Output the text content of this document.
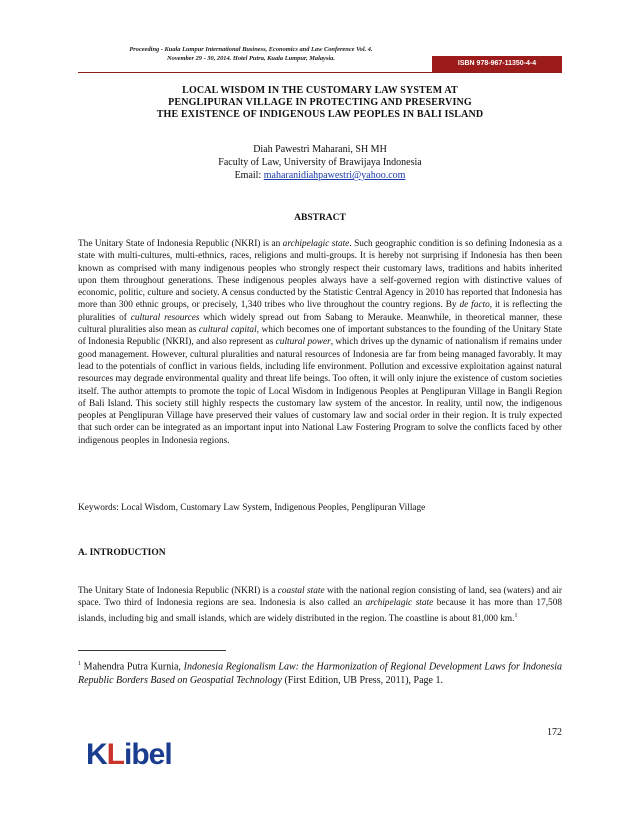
Proceeding - Kuala Lumpur International Business, Economics and Law Conference Vol. 4.
November 29 - 30, 2014. Hotel Putra, Kuala Lumpur, Malaysia.
ISBN 978-967-11350-4-4
LOCAL WISDOM IN THE CUSTOMARY LAW SYSTEM AT
PENGLIPURAN VILLAGE IN PROTECTING AND PRESERVING
THE EXISTENCE OF INDIGENOUS LAW PEOPLES IN BALI ISLAND
Diah Pawestri Maharani, SH MH
Faculty of Law, University of Brawijaya Indonesia
Email: maharanidiahpawestri@yahoo.com
ABSTRACT
The Unitary State of Indonesia Republic (NKRI) is an archipelagic state. Such geographic condition is so defining Indonesia as a state with multi-cultures, multi-ethnics, races, religions and multi-groups. It is hereby not surprising if Indonesia has then been known as comprised with many indigenous peoples who strongly respect their customary laws, traditions and habits inherited upon them throughout generations. These indigenous peoples always have a self-governed region with distinctive values of economic, politic, culture and society. A census conducted by the Statistic Central Agency in 2010 has reported that Indonesia has more than 300 ethnic groups, or precisely, 1,340 tribes who live throughout the country regions. By de facto, it is reflecting the pluralities of cultural resources which widely spread out from Sabang to Merauke. Meanwhile, in theoretical manner, these cultural pluralities also mean as cultural capital, which becomes one of important substances to the founding of the Unitary State of Indonesia Republic (NKRI), and also represent as cultural power, which drives up the dynamic of nationalism if remains under good management. However, cultural pluralities and natural resources of Indonesia are far from being managed favorably. It may lead to the potentials of conflict in various fields, including life environment. Pollution and excessive exploitation against natural resources may degrade environmental quality and threat life beings. Too often, it will only injure the existence of custom societies itself. The author attempts to promote the topic of Local Wisdom in Indigenous Peoples at Penglipuran Village in Bangli Region of Bali Island. This society still highly respects the customary law system of the ancestor. In reality, until now, the indigenous peoples at Penglipuran Village have preserved their values of customary law and social order in their region. It is truly expected that such order can be integrated as an important input into National Law Fostering Program to solve the conflicts faced by other indigenous peoples in Indonesia regions.
Keywords: Local Wisdom, Customary Law System, Indigenous Peoples, Penglipuran Village
A. INTRODUCTION
The Unitary State of Indonesia Republic (NKRI) is a coastal state with the national region consisting of land, sea (waters) and air space. Two third of Indonesia regions are sea. Indonesia is also called an archipelagic state because it has more than 17,508 islands, including big and small islands, which are widely distributed in the region. The coastline is about 81,000 km.$^1$
$^1$ Mahendra Putra Kurnia, Indonesia Regionalism Law: the Harmonization of Regional Development Laws for Indonesia Republic Borders Based on Geospatial Technology (First Edition, UB Press, 2011), Page 1.
172
KLibel
